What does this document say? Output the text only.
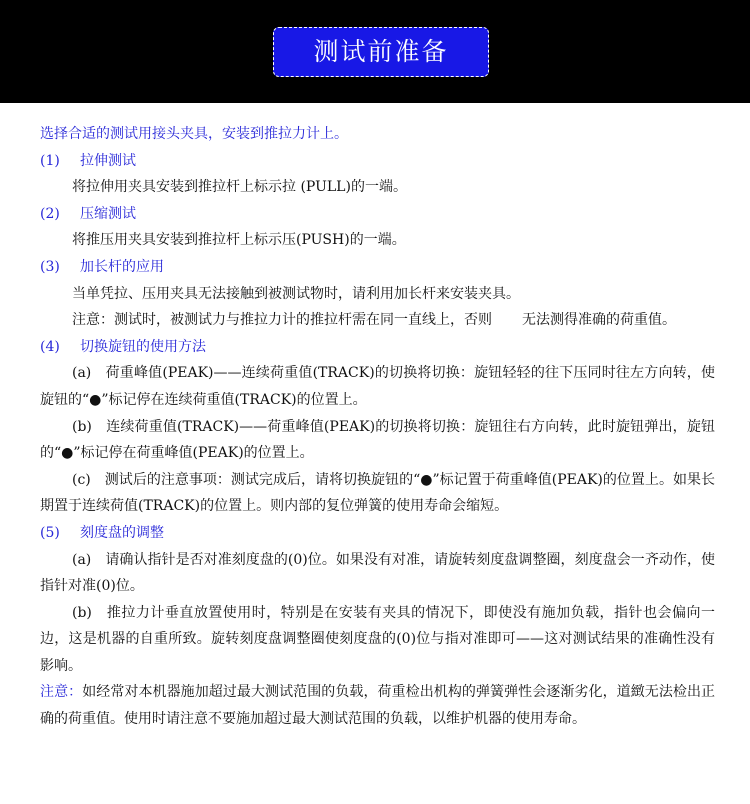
测试前准备

选择合适的测试用接头夹具，安装到推拉力计上。

(1) 拉伸测试

将拉伸用夹具安装到推拉杆上标示拉 (PULL)的一端。

(2) 压缩测试

将推压用夹具安装到推拉杆上标示压(PUSH)的一端。

(3) 加长杆的应用

当单凭拉、压用夹具无法接触到被测试物时，请利用加长杆来安装夹具。

注意：测试时，被测试力与推拉力计的推拉杆需在同一直线上，否则 无法测得准确的荷重值。

(4) 切换旋钮的使用方法

(a)　荷重峰值(PEAK)——连续荷重值(TRACK)的切换将切换：旋钮轻轻的往下压同时往左方向转，使旋钮的“●”标记停在连续荷重值(TRACK)的位置上。

(b)　连续荷重值(TRACK)——荷重峰值(PEAK)的切换将切换：旋钮往右方向转，此时旋钮弹出，旋钮的“●”标记停在荷重峰值(PEAK)的位置上。

(c)　测试后的注意事项：测试完成后，请将切换旋钮的“●”标记置于荷重峰值(PEAK)的位置上。如果长期置于连续荷值(TRACK)的位置上。则内部的复位弹簧的使用寿命会缩短。

(5) 刻度盘的调整

(a)　请确认指针是否对准刻度盘的(0)位。如果没有对准，请旋转刻度盘调整圈，刻度盘会一齐动作，使指针对准(0)位。

(b)　推拉力计垂直放置使用时，特别是在安装有夹具的情况下，即使没有施加负载，指针也会偏向一边，这是机器的自重所致。旋转刻度盘调整圈使刻度盘的(0)位与指对准即可——这对测试结果的准确性没有影响。

注意：如经常对本机器施加超过最大测试范围的负载，荷重检出机构的弹簧弹性会逐渐劣化，道緻无法检出正确的荷重值。使用时请注意不要施加超过最大测试范围的负载，以维护机器的使用寿命。
